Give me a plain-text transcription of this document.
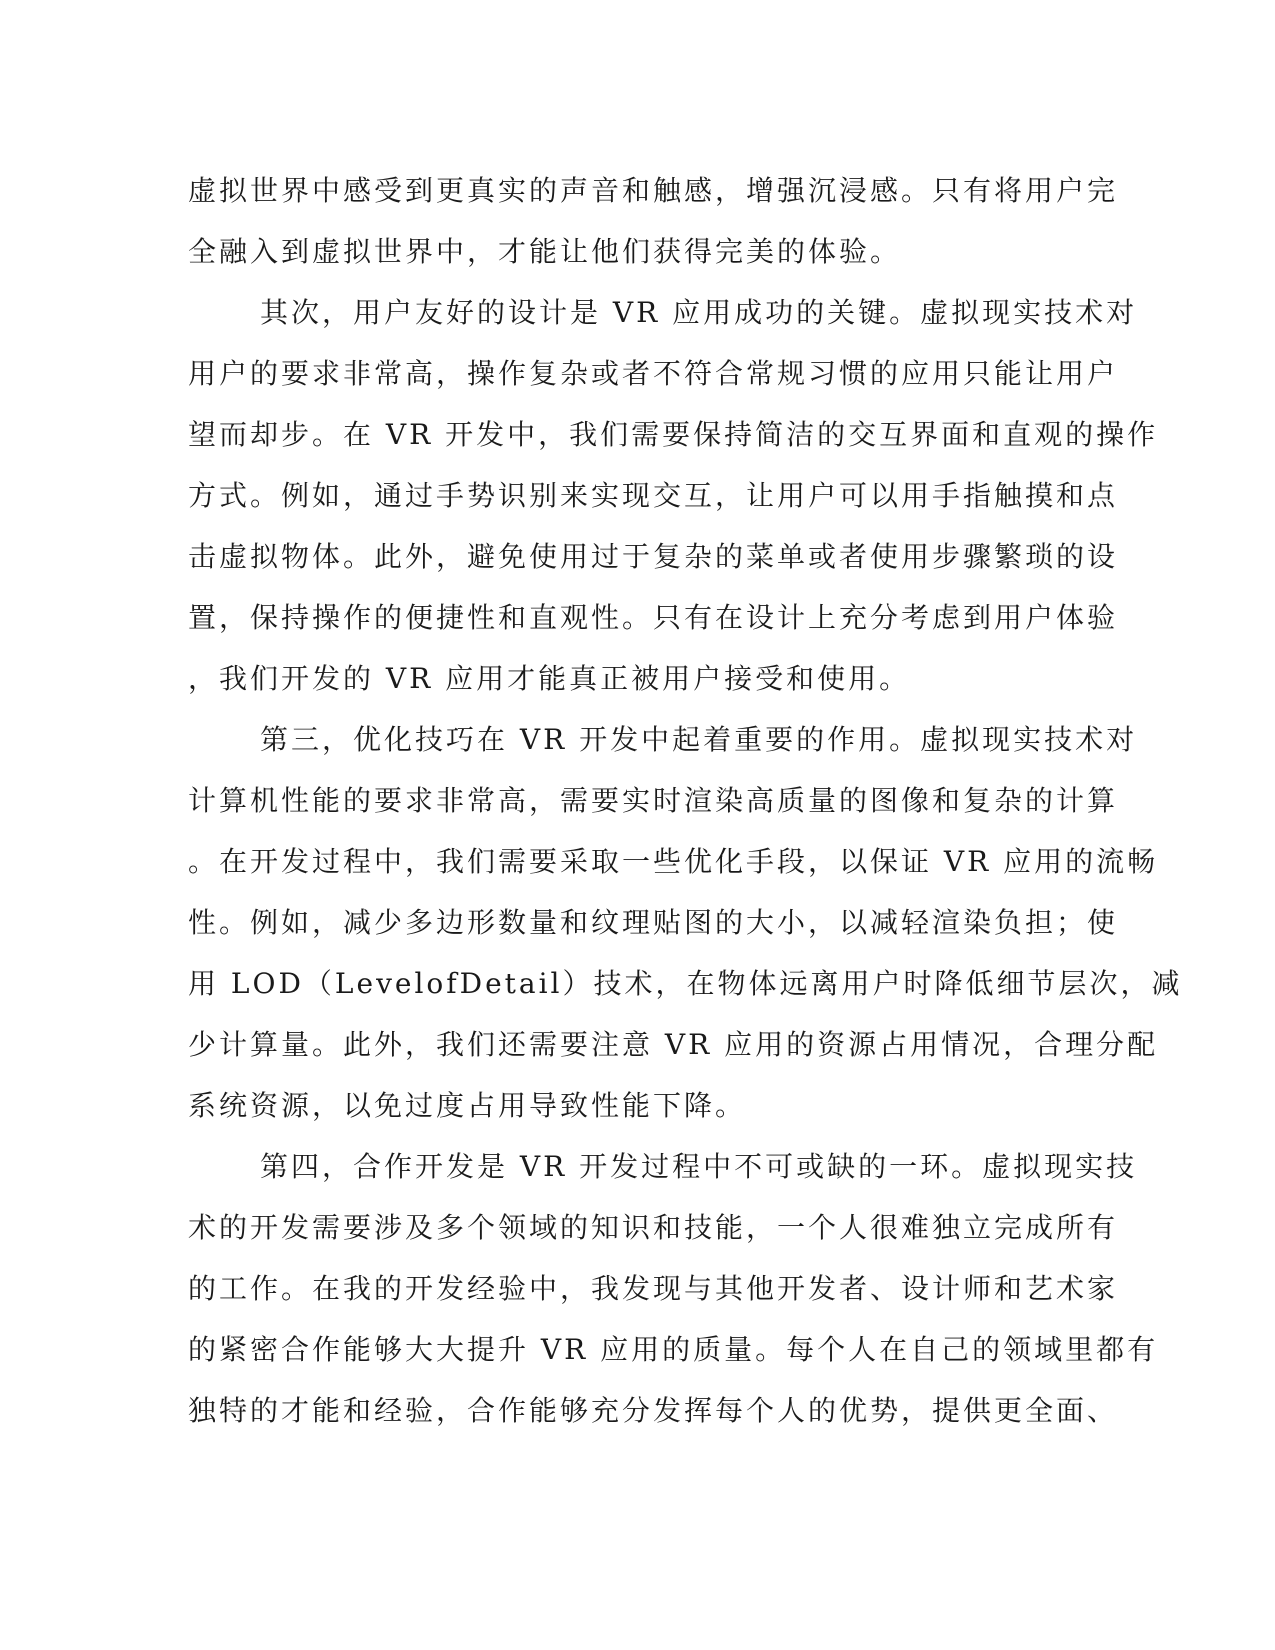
虚拟世界中感受到更真实的声音和触感，增强沉浸感。只有将用户完
全融入到虚拟世界中，才能让他们获得完美的体验。
其次，用户友好的设计是 VR 应用成功的关键。虚拟现实技术对
用户的要求非常高，操作复杂或者不符合常规习惯的应用只能让用户
望而却步。在 VR 开发中，我们需要保持简洁的交互界面和直观的操作
方式。例如，通过手势识别来实现交互，让用户可以用手指触摸和点
击虚拟物体。此外，避免使用过于复杂的菜单或者使用步骤繁琐的设
置，保持操作的便捷性和直观性。只有在设计上充分考虑到用户体验
，我们开发的 VR 应用才能真正被用户接受和使用。
第三，优化技巧在 VR 开发中起着重要的作用。虚拟现实技术对
计算机性能的要求非常高，需要实时渲染高质量的图像和复杂的计算
。在开发过程中，我们需要采取一些优化手段，以保证 VR 应用的流畅
性。例如，减少多边形数量和纹理贴图的大小，以减轻渲染负担；使
用 LOD（LevelofDetail）技术，在物体远离用户时降低细节层次，减
少计算量。此外，我们还需要注意 VR 应用的资源占用情况，合理分配
系统资源，以免过度占用导致性能下降。
第四，合作开发是 VR 开发过程中不可或缺的一环。虚拟现实技
术的开发需要涉及多个领域的知识和技能，一个人很难独立完成所有
的工作。在我的开发经验中，我发现与其他开发者、设计师和艺术家
的紧密合作能够大大提升 VR 应用的质量。每个人在自己的领域里都有
独特的才能和经验，合作能够充分发挥每个人的优势，提供更全面、
